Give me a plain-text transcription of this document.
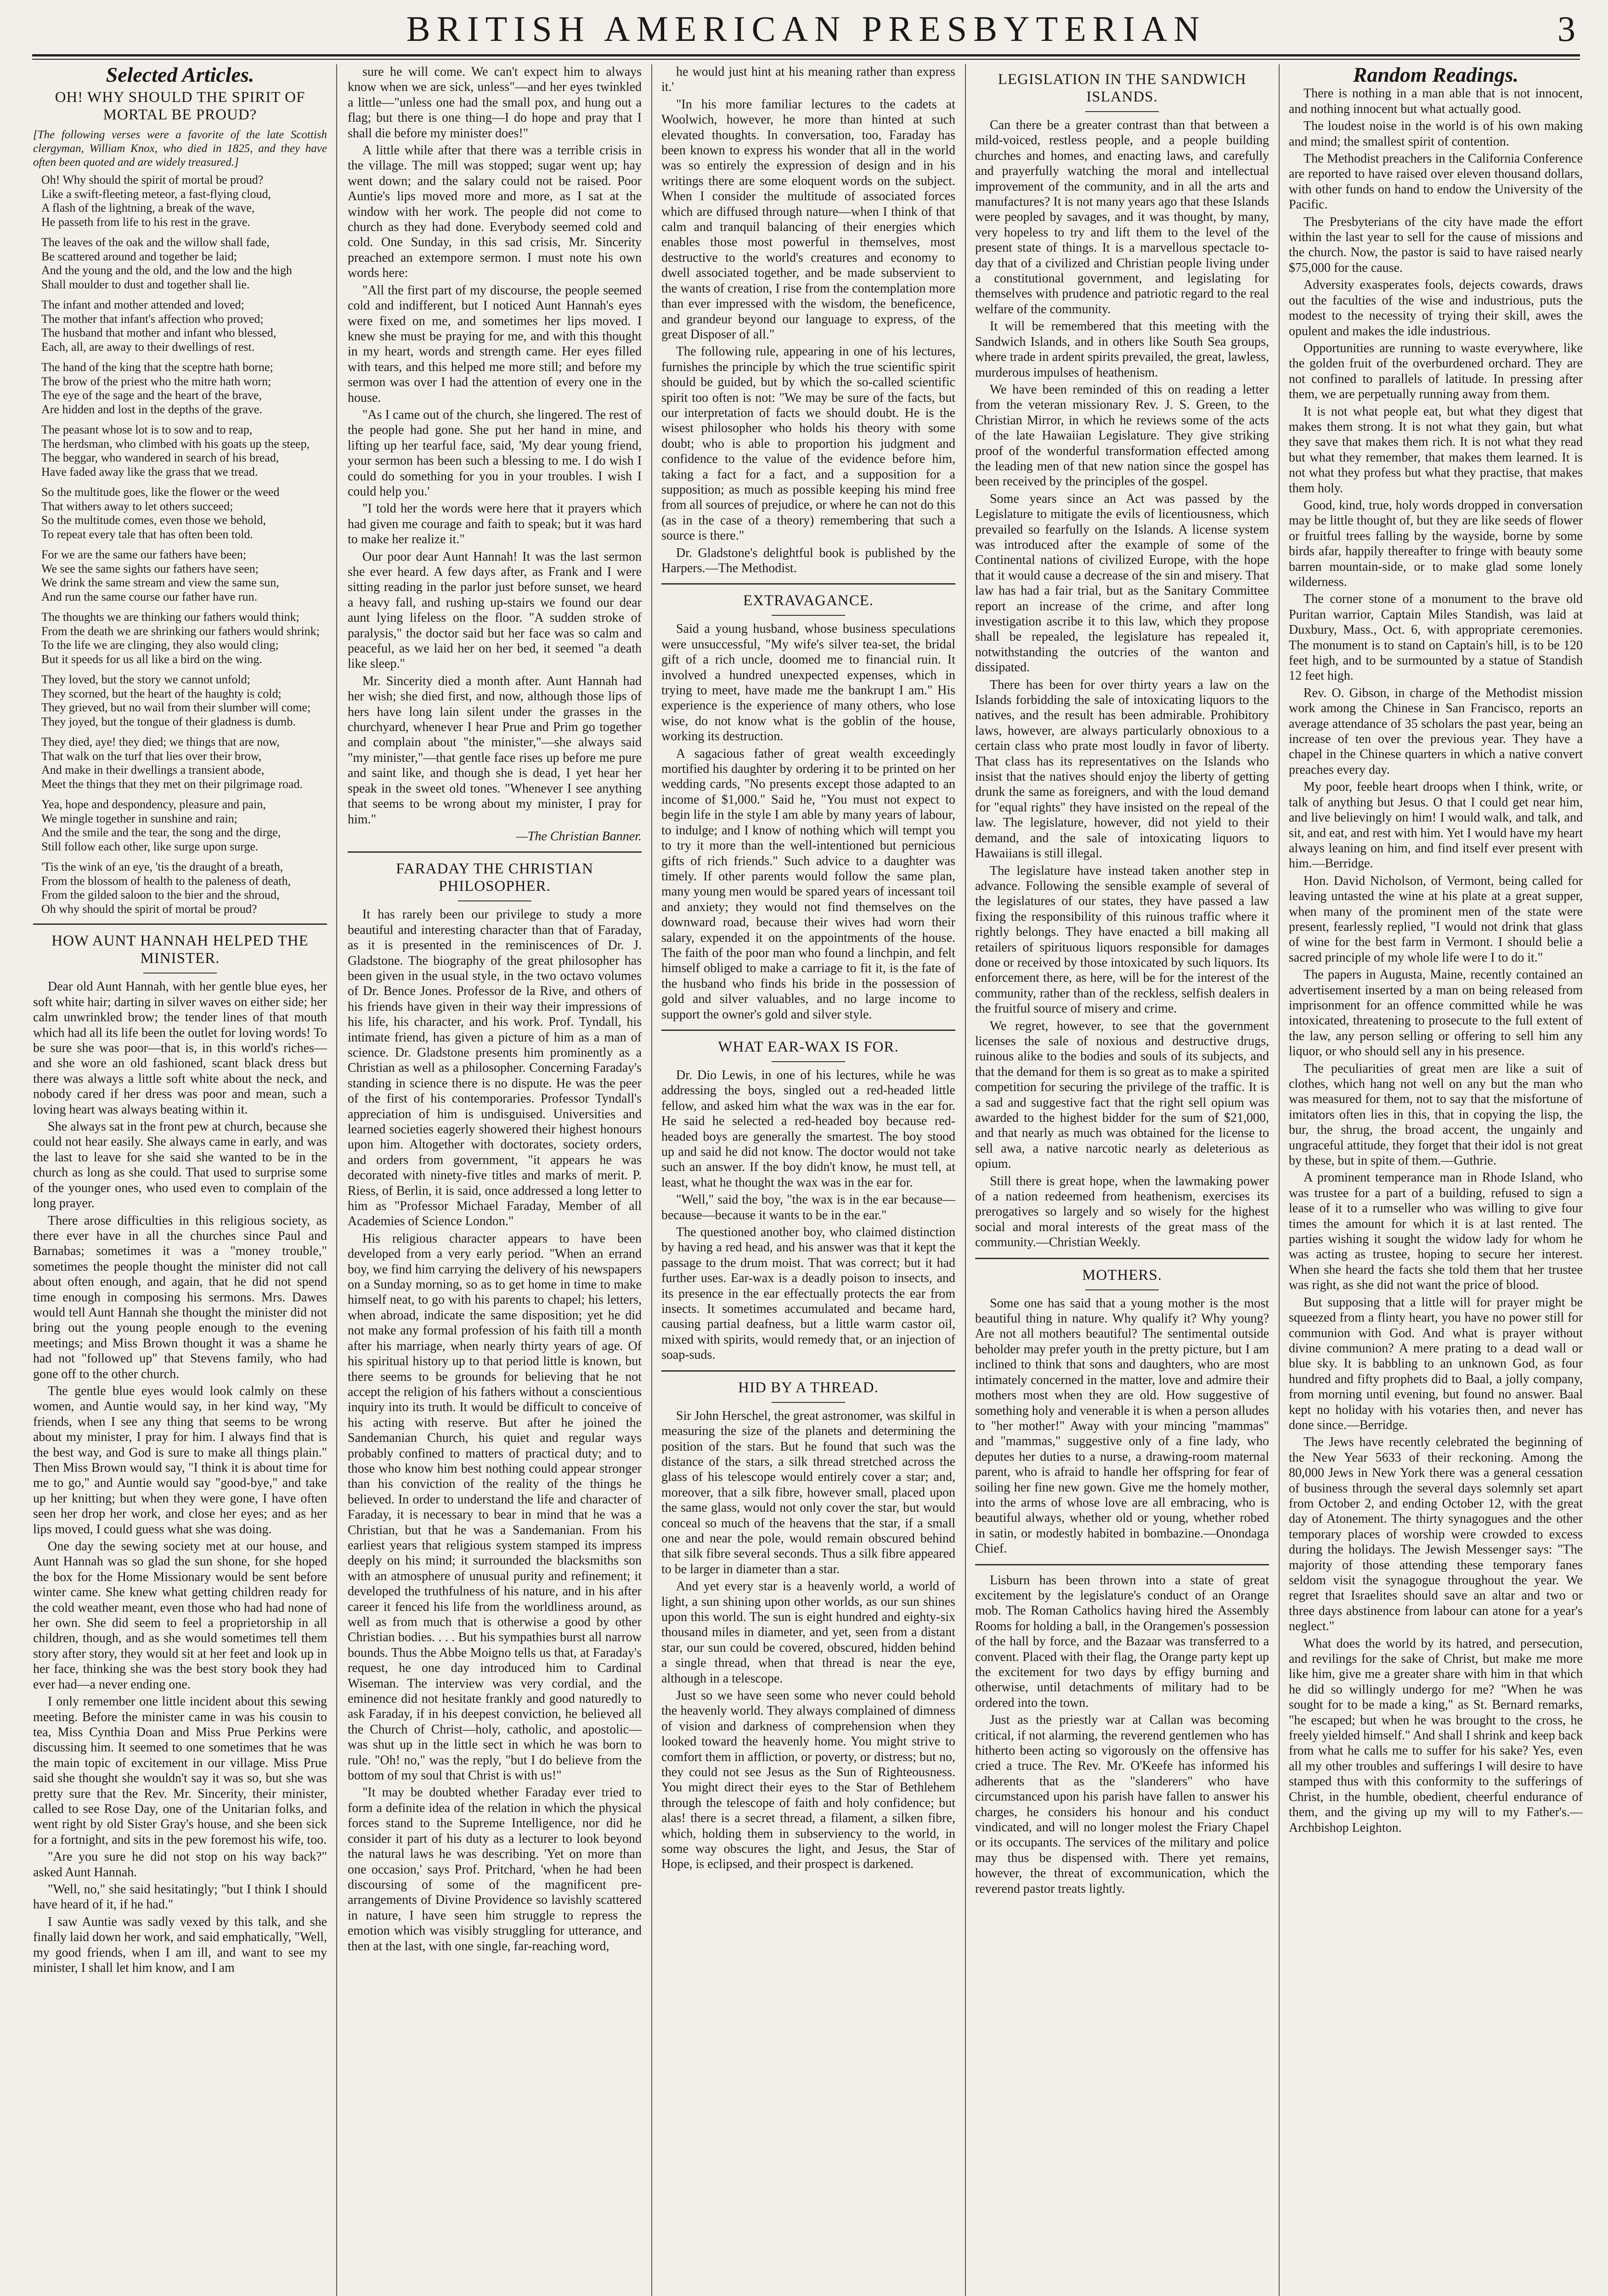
BRITISH AMERICAN PRESBYTERIAN	3
Selected Articles.
OH! WHY SHOULD THE SPIRIT OF MORTAL BE PROUD?

[The following verses were a favorite of the late Scottish clergyman, William Knox, who died in 1825, and they have often been quoted and are widely treasured.]

Oh! Why should the spirit of mortal be proud?
Like a swift-fleeting meteor, a fast-flying cloud,
A flash of the lightning, a break of the wave,
He passeth from life to his rest in the grave.
The leaves of the oak and the willow shall fade,
Be scattered around and together be laid;
And the young and the old, and the low and the high
Shall moulder to dust and together shall lie.
The infant and mother attended and loved;
The mother that infant's affection who proved;
The husband that mother and infant who blessed,
Each, all, are away to their dwellings of rest.
The hand of the king that the sceptre hath borne;
The brow of the priest who the mitre hath worn;
The eye of the sage and the heart of the brave,
Are hidden and lost in the depths of the grave.
The peasant whose lot is to sow and to reap,
The herdsman, who climbed with his goats up the steep,
The beggar, who wandered in search of his bread,
Have faded away like the grass that we tread.
So the multitude goes, like the flower or the weed
That withers away to let others succeed;
So the multitude comes, even those we behold,
To repeat every tale that has often been told.
For we are the same our fathers have been;
We see the same sights our fathers have seen;
We drink the same stream and view the same sun,
And run the same course our father have run.
The thoughts we are thinking our fathers would think;
From the death we are shrinking our fathers would shrink;
To the life we are clinging, they also would cling;
But it speeds for us all like a bird on the wing.
They loved, but the story we cannot unfold;
They scorned, but the heart of the haughty is cold;
They grieved, but no wail from their slumber will come;
They joyed, but the tongue of their gladness is dumb.
They died, aye! they died; we things that are now,
That walk on the turf that lies over their brow,
And make in their dwellings a transient abode,
Meet the things that they met on their pilgrimage road.
Yea, hope and despondency, pleasure and pain,
We mingle together in sunshine and rain;
And the smile and the tear, the song and the dirge,
Still follow each other, like surge upon surge.
'Tis the wink of an eye, 'tis the draught of a breath,
From the blossom of health to the paleness of death,
From the gilded saloon to the bier and the shroud,
Oh why should the spirit of mortal be proud?
HOW AUNT HANNAH HELPED THE MINISTER.

Dear old Aunt Hannah, with her gentle blue eyes, her soft white hair; darting in silver waves on either side; her calm unwrinkled brow; the tender lines of that mouth which had all its life been the outlet for loving words! To be sure she was poor—that is, in this world's riches—and she wore an old fashioned, scant black dress but there was always a little soft white about the neck, and nobody cared if her dress was poor and mean, such a loving heart was always beating within it.

She always sat in the front pew at church, because she could not hear easily. She always came in early, and was the last to leave for she said she wanted to be in the church as long as she could. That used to surprise some of the younger ones, who used even to complain of the long prayer.

There arose difficulties in this religious society, as there ever have in all the churches since Paul and Barnabas; sometimes it was a "money trouble," sometimes the people thought the minister did not call about often enough, and again, that he did not spend time enough in composing his sermons. Mrs. Dawes would tell Aunt Hannah she thought the minister did not bring out the young people enough to the evening meetings; and Miss Brown thought it was a shame he had not "followed up" that Stevens family, who had gone off to the other church.

The gentle blue eyes would look calmly on these women, and Auntie would say, in her kind way, "My friends, when I see any thing that seems to be wrong about my minister, I pray for him. I always find that is the best way, and God is sure to make all things plain." Then Miss Brown would say, "I think it is about time for me to go," and Auntie would say "good-bye," and take up her knitting; but when they were gone, I have often seen her drop her work, and close her eyes; and as her lips moved, I could guess what she was doing.

One day the sewing society met at our house, and Aunt Hannah was so glad the sun shone, for she hoped the box for the Home Missionary would be sent before winter came. She knew what getting children ready for the cold weather meant, even those who had had none of her own. She did seem to feel a proprietorship in all children, though, and as she would sometimes tell them story after story, they would sit at her feet and look up in her face, thinking she was the best story book they had ever had—a never ending one.

I only remember one little incident about this sewing meeting. Before the minister came in was his cousin to tea, Miss Cynthia Doan and Miss Prue Perkins were discussing him. It seemed to one sometimes that he was the main topic of excitement in our village. Miss Prue said she thought she wouldn't say it was so, but she was pretty sure that the Rev. Mr. Sincerity, their minister, called to see Rose Day, one of the Unitarian folks, and went right by old Sister Gray's house, and she been sick for a fortnight, and sits in the pew foremost his wife, too.

"Are you sure he did not stop on his way back?" asked Aunt Hannah.

"Well, no," she said hesitatingly; "but I think I should have heard of it, if he had."

I saw Auntie was sadly vexed by this talk, and she finally laid down her work, and said emphatically, "Well, my good friends, when I am ill, and want to see my minister, I shall let him know, and I am

sure he will come. We can't expect him to always know when we are sick, unless"—and her eyes twinkled a little—"unless one had the small pox, and hung out a flag; but there is one thing—I do hope and pray that I shall die before my minister does!"

A little while after that there was a terrible crisis in the village. The mill was stopped; sugar went up; hay went down; and the salary could not be raised. Poor Auntie's lips moved more and more, as I sat at the window with her work. The people did not come to church as they had done. Everybody seemed cold and cold. One Sunday, in this sad crisis, Mr. Sincerity preached an extempore sermon. I must note his own words here:

"All the first part of my discourse, the people seemed cold and indifferent, but I noticed Aunt Hannah's eyes were fixed on me, and sometimes her lips moved. I knew she must be praying for me, and with this thought in my heart, words and strength came. Her eyes filled with tears, and this helped me more still; and before my sermon was over I had the attention of every one in the house.

"As I came out of the church, she lingered. The rest of the people had gone. She put her hand in mine, and lifting up her tearful face, said, 'My dear young friend, your sermon has been such a blessing to me. I do wish I could do something for you in your troubles. I wish I could help you.'

"I told her the words were here that it prayers which had given me courage and faith to speak; but it was hard to make her realize it."

Our poor dear Aunt Hannah! It was the last sermon she ever heard. A few days after, as Frank and I were sitting reading in the parlor just before sunset, we heard a heavy fall, and rushing up-stairs we found our dear aunt lying lifeless on the floor. "A sudden stroke of paralysis," the doctor said but her face was so calm and peaceful, as we laid her on her bed, it seemed "a death like sleep."

Mr. Sincerity died a month after. Aunt Hannah had her wish; she died first, and now, although those lips of hers have long lain silent under the grasses in the churchyard, whenever I hear Prue and Prim go together and complain about "the minister,"—she always said "my minister,"—that gentle face rises up before me pure and saint like, and though she is dead, I yet hear her speak in the sweet old tones. "Whenever I see anything that seems to be wrong about my minister, I pray for him."

—The Christian Banner.

FARADAY THE CHRISTIAN PHILOSOPHER.

It has rarely been our privilege to study a more beautiful and interesting character than that of Faraday, as it is presented in the reminiscences of Dr. J. Gladstone. The biography of the great philosopher has been given in the usual style, in the two octavo volumes of Dr. Bence Jones. Professor de la Rive, and others of his friends have given in their way their impressions of his life, his character, and his work. Prof. Tyndall, his intimate friend, has given a picture of him as a man of science. Dr. Gladstone presents him prominently as a Christian as well as a philosopher. Concerning Faraday's standing in science there is no dispute. He was the peer of the first of his contemporaries. Professor Tyndall's appreciation of him is undisguised. Universities and learned societies eagerly showered their highest honours upon him. Altogether with doctorates, society orders, and orders from government, "it appears he was decorated with ninety-five titles and marks of merit. P. Riess, of Berlin, it is said, once addressed a long letter to him as "Professor Michael Faraday, Member of all Academies of Science London."

His religious character appears to have been developed from a very early period. "When an errand boy, we find him carrying the delivery of his newspapers on a Sunday morning, so as to get home in time to make himself neat, to go with his parents to chapel; his letters, when abroad, indicate the same disposition; yet he did not make any formal profession of his faith till a month after his marriage, when nearly thirty years of age. Of his spiritual history up to that period little is known, but there seems to be grounds for believing that he not accept the religion of his fathers without a conscientious inquiry into its truth. It would be difficult to conceive of his acting with reserve. But after he joined the Sandemanian Church, his quiet and regular ways probably confined to matters of practical duty; and to those who know him best nothing could appear stronger than his conviction of the reality of the things he believed. In order to understand the life and character of Faraday, it is necessary to bear in mind that he was a Christian, but that he was a Sandemanian. From his earliest years that religious system stamped its impress deeply on his mind; it surrounded the blacksmiths son with an atmosphere of unusual purity and refinement; it developed the truthfulness of his nature, and in his after career it fenced his life from the worldliness around, as well as from much that is otherwise a good by other Christian bodies. . . . But his sympathies burst all narrow bounds. Thus the Abbe Moigno tells us that, at Faraday's request, he one day introduced him to Cardinal Wiseman. The interview was very cordial, and the eminence did not hesitate frankly and good naturedly to ask Faraday, if in his deepest conviction, he believed all the Church of Christ—holy, catholic, and apostolic—was shut up in the little sect in which he was born to rule. "Oh! no," was the reply, "but I do believe from the bottom of my soul that Christ is with us!"

"It may be doubted whether Faraday ever tried to form a definite idea of the relation in which the physical forces stand to the Supreme Intelligence, nor did he consider it part of his duty as a lecturer to look beyond the natural laws he was describing. 'Yet on more than one occasion,' says Prof. Pritchard, 'when he had been discoursing of some of the magnificent pre-arrangements of Divine Providence so lavishly scattered in nature, I have seen him struggle to repress the emotion which was visibly struggling for utterance, and then at the last, with one single, far-reaching word,

he would just hint at his meaning rather than express it.'

"In his more familiar lectures to the cadets at Woolwich, however, he more than hinted at such elevated thoughts. In conversation, too, Faraday has been known to express his wonder that all in the world was so entirely the expression of design and in his writings there are some eloquent words on the subject. When I consider the multitude of associated forces which are diffused through nature—when I think of that calm and tranquil balancing of their energies which enables those most powerful in themselves, most destructive to the world's creatures and economy to dwell associated together, and be made subservient to the wants of creation, I rise from the contemplation more than ever impressed with the wisdom, the beneficence, and grandeur beyond our language to express, of the great Disposer of all."

The following rule, appearing in one of his lectures, furnishes the principle by which the true scientific spirit should be guided, but by which the so-called scientific spirit too often is not: "We may be sure of the facts, but our interpretation of facts we should doubt. He is the wisest philosopher who holds his theory with some doubt; who is able to proportion his judgment and confidence to the value of the evidence before him, taking a fact for a fact, and a supposition for a supposition; as much as possible keeping his mind free from all sources of prejudice, or where he can not do this (as in the case of a theory) remembering that such a source is there."

Dr. Gladstone's delightful book is published by the Harpers.—The Methodist.

EXTRAVAGANCE.

Said a young husband, whose business speculations were unsuccessful, "My wife's silver tea-set, the bridal gift of a rich uncle, doomed me to financial ruin. It involved a hundred unexpected expenses, which in trying to meet, have made me the bankrupt I am." His experience is the experience of many others, who lose wise, do not know what is the goblin of the house, working its destruction.

A sagacious father of great wealth exceedingly mortified his daughter by ordering it to be printed on her wedding cards, "No presents except those adapted to an income of $1,000." Said he, "You must not expect to begin life in the style I am able by many years of labour, to indulge; and I know of nothing which will tempt you to try it more than the well-intentioned but pernicious gifts of rich friends." Such advice to a daughter was timely. If other parents would follow the same plan, many young men would be spared years of incessant toil and anxiety; they would not find themselves on the downward road, because their wives had worn their salary, expended it on the appointments of the house. The faith of the poor man who found a linchpin, and felt himself obliged to make a carriage to fit it, is the fate of the husband who finds his bride in the possession of gold and silver valuables, and no large income to support the owner's gold and silver style.

WHAT EAR-WAX IS FOR.

Dr. Dio Lewis, in one of his lectures, while he was addressing the boys, singled out a red-headed little fellow, and asked him what the wax was in the ear for. He said he selected a red-headed boy because red-headed boys are generally the smartest. The boy stood up and said he did not know. The doctor would not take such an answer. If the boy didn't know, he must tell, at least, what he thought the wax was in the ear for.

"Well," said the boy, "the wax is in the ear because—because—because it wants to be in the ear."

The questioned another boy, who claimed distinction by having a red head, and his answer was that it kept the passage to the drum moist. That was correct; but it had further uses. Ear-wax is a deadly poison to insects, and its presence in the ear effectually protects the ear from insects. It sometimes accumulated and became hard, causing partial deafness, but a little warm castor oil, mixed with spirits, would remedy that, or an injection of soap-suds.

HID BY A THREAD.

Sir John Herschel, the great astronomer, was skilful in measuring the size of the planets and determining the position of the stars. But he found that such was the distance of the stars, a silk thread stretched across the glass of his telescope would entirely cover a star; and, moreover, that a silk fibre, however small, placed upon the same glass, would not only cover the star, but would conceal so much of the heavens that the star, if a small one and near the pole, would remain obscured behind that silk fibre several seconds. Thus a silk fibre appeared to be larger in diameter than a star.

And yet every star is a heavenly world, a world of light, a sun shining upon other worlds, as our sun shines upon this world. The sun is eight hundred and eighty-six thousand miles in diameter, and yet, seen from a distant star, our sun could be covered, obscured, hidden behind a single thread, when that thread is near the eye, although in a telescope.

Just so we have seen some who never could behold the heavenly world. They always complained of dimness of vision and darkness of comprehension when they looked toward the heavenly home. You might strive to comfort them in affliction, or poverty, or distress; but no, they could not see Jesus as the Sun of Righteousness. You might direct their eyes to the Star of Bethlehem through the telescope of faith and holy confidence; but alas! there is a secret thread, a filament, a silken fibre, which, holding them in subserviency to the world, in some way obscures the light, and Jesus, the Star of Hope, is eclipsed, and their prospect is darkened.

LEGISLATION IN THE SANDWICH ISLANDS.

Can there be a greater contrast than that between a mild-voiced, restless people, and a people building churches and homes, and enacting laws, and carefully and prayerfully watching the moral and intellectual improvement of the community, and in all the arts and manufactures? It is not many years ago that these Islands were peopled by savages, and it was thought, by many, very hopeless to try and lift them to the level of the present state of things. It is a marvellous spectacle to-day that of a civilized and Christian people living under a constitutional government, and legislating for themselves with prudence and patriotic regard to the real welfare of the community.

It will be remembered that this meeting with the Sandwich Islands, and in others like South Sea groups, where trade in ardent spirits prevailed, the great, lawless, murderous impulses of heathenism.

We have been reminded of this on reading a letter from the veteran missionary Rev. J. S. Green, to the Christian Mirror, in which he reviews some of the acts of the late Hawaiian Legislature. They give striking proof of the wonderful transformation effected among the leading men of that new nation since the gospel has been received by the principles of the gospel.

Some years since an Act was passed by the Legislature to mitigate the evils of licentiousness, which prevailed so fearfully on the Islands. A license system was introduced after the example of some of the Continental nations of civilized Europe, with the hope that it would cause a decrease of the sin and misery. That law has had a fair trial, but as the Sanitary Committee report an increase of the crime, and after long investigation ascribe it to this law, which they propose shall be repealed, the legislature has repealed it, notwithstanding the outcries of the wanton and dissipated.

There has been for over thirty years a law on the Islands forbidding the sale of intoxicating liquors to the natives, and the result has been admirable. Prohibitory laws, however, are always particularly obnoxious to a certain class who prate most loudly in favor of liberty. That class has its representatives on the Islands who insist that the natives should enjoy the liberty of getting drunk the same as foreigners, and with the loud demand for "equal rights" they have insisted on the repeal of the law. The legislature, however, did not yield to their demand, and the sale of intoxicating liquors to Hawaiians is still illegal.

The legislature have instead taken another step in advance. Following the sensible example of several of the legislatures of our states, they have passed a law fixing the responsibility of this ruinous traffic where it rightly belongs. They have enacted a bill making all retailers of spirituous liquors responsible for damages done or received by those intoxicated by such liquors. Its enforcement there, as here, will be for the interest of the community, rather than of the reckless, selfish dealers in the fruitful source of misery and crime.

We regret, however, to see that the government licenses the sale of noxious and destructive drugs, ruinous alike to the bodies and souls of its subjects, and that the demand for them is so great as to make a spirited competition for securing the privilege of the traffic. It is a sad and suggestive fact that the right sell opium was awarded to the highest bidder for the sum of $21,000, and that nearly as much was obtained for the license to sell awa, a native narcotic nearly as deleterious as opium.

Still there is great hope, when the lawmaking power of a nation redeemed from heathenism, exercises its prerogatives so largely and so wisely for the highest social and moral interests of the great mass of the community.—Christian Weekly.

MOTHERS.

Some one has said that a young mother is the most beautiful thing in nature. Why qualify it? Why young? Are not all mothers beautiful? The sentimental outside beholder may prefer youth in the pretty picture, but I am inclined to think that sons and daughters, who are most intimately concerned in the matter, love and admire their mothers most when they are old. How suggestive of something holy and venerable it is when a person alludes to "her mother!" Away with your mincing "mammas" and "mammas," suggestive only of a fine lady, who deputes her duties to a nurse, a drawing-room maternal parent, who is afraid to handle her offspring for fear of soiling her fine new gown. Give me the homely mother, into the arms of whose love are all embracing, who is beautiful always, whether old or young, whether robed in satin, or modestly habited in bombazine.—Onondaga Chief.

Lisburn has been thrown into a state of great excitement by the legislature's conduct of an Orange mob. The Roman Catholics having hired the Assembly Rooms for holding a ball, in the Orangemen's possession of the hall by force, and the Bazaar was transferred to a convent. Placed with their flag, the Orange party kept up the excitement for two days by effigy burning and otherwise, until detachments of military had to be ordered into the town.

Just as the priestly war at Callan was becoming critical, if not alarming, the reverend gentlemen who has hitherto been acting so vigorously on the offensive has cried a truce. The Rev. Mr. O'Keefe has informed his adherents that as the "slanderers" who have circumstanced upon his parish have fallen to answer his charges, he considers his honour and his conduct vindicated, and will no longer molest the Friary Chapel or its occupants. The services of the military and police may thus be dispensed with. There yet remains, however, the threat of excommunication, which the reverend pastor treats lightly.

Random Readings.

There is nothing in a man able that is not innocent, and nothing innocent but what actually good.

The loudest noise in the world is of his own making and mind; the smallest spirit of contention.

The Methodist preachers in the California Conference are reported to have raised over eleven thousand dollars, with other funds on hand to endow the University of the Pacific.

The Presbyterians of the city have made the effort within the last year to sell for the cause of missions and the church. Now, the pastor is said to have raised nearly $75,000 for the cause.

Adversity exasperates fools, dejects cowards, draws out the faculties of the wise and industrious, puts the modest to the necessity of trying their skill, awes the opulent and makes the idle industrious.

Opportunities are running to waste everywhere, like the golden fruit of the overburdened orchard. They are not confined to parallels of latitude. In pressing after them, we are perpetually running away from them.

It is not what people eat, but what they digest that makes them strong. It is not what they gain, but what they save that makes them rich. It is not what they read but what they remember, that makes them learned. It is not what they profess but what they practise, that makes them holy.

Good, kind, true, holy words dropped in conversation may be little thought of, but they are like seeds of flower or fruitful trees falling by the wayside, borne by some birds afar, happily thereafter to fringe with beauty some barren mountain-side, or to make glad some lonely wilderness.

The corner stone of a monument to the brave old Puritan warrior, Captain Miles Standish, was laid at Duxbury, Mass., Oct. 6, with appropriate ceremonies. The monument is to stand on Captain's hill, is to be 120 feet high, and to be surmounted by a statue of Standish 12 feet high.

Rev. O. Gibson, in charge of the Methodist mission work among the Chinese in San Francisco, reports an average attendance of 35 scholars the past year, being an increase of ten over the previous year. They have a chapel in the Chinese quarters in which a native convert preaches every day.

My poor, feeble heart droops when I think, write, or talk of anything but Jesus. O that I could get near him, and live believingly on him! I would walk, and talk, and sit, and eat, and rest with him. Yet I would have my heart always leaning on him, and find itself ever present with him.—Berridge.

Hon. David Nicholson, of Vermont, being called for leaving untasted the wine at his plate at a great supper, when many of the prominent men of the state were present, fearlessly replied, "I would not drink that glass of wine for the best farm in Vermont. I should belie a sacred principle of my whole life were I to do it."

The papers in Augusta, Maine, recently contained an advertisement inserted by a man on being released from imprisonment for an offence committed while he was intoxicated, threatening to prosecute to the full extent of the law, any person selling or offering to sell him any liquor, or who should sell any in his presence.

The peculiarities of great men are like a suit of clothes, which hang not well on any but the man who was measured for them, not to say that the misfortune of imitators often lies in this, that in copying the lisp, the bur, the shrug, the broad accent, the ungainly and ungraceful attitude, they forget that their idol is not great by these, but in spite of them.—Guthrie.

A prominent temperance man in Rhode Island, who was trustee for a part of a building, refused to sign a lease of it to a rumseller who was willing to give four times the amount for which it is at last rented. The parties wishing it sought the widow lady for whom he was acting as trustee, hoping to secure her interest. When she heard the facts she told them that her trustee was right, as she did not want the price of blood.

But supposing that a little will for prayer might be squeezed from a flinty heart, you have no power still for communion with God. And what is prayer without divine communion? A mere prating to a dead wall or blue sky. It is babbling to an unknown God, as four hundred and fifty prophets did to Baal, a jolly company, from morning until evening, but found no answer. Baal kept no holiday with his votaries then, and never has done since.—Berridge.

The Jews have recently celebrated the beginning of the New Year 5633 of their reckoning. Among the 80,000 Jews in New York there was a general cessation of business through the several days solemnly set apart from October 2, and ending October 12, with the great day of Atonement. The thirty synagogues and the other temporary places of worship were crowded to excess during the holidays. The Jewish Messenger says: "The majority of those attending these temporary fanes seldom visit the synagogue throughout the year. We regret that Israelites should save an altar and two or three days abstinence from labour can atone for a year's neglect."

What does the world by its hatred, and persecution, and revilings for the sake of Christ, but make me more like him, give me a greater share with him in that which he did so willingly undergo for me? "When he was sought for to be made a king," as St. Bernard remarks, "he escaped; but when he was brought to the cross, he freely yielded himself." And shall I shrink and keep back from what he calls me to suffer for his sake? Yes, even all my other troubles and sufferings I will desire to have stamped thus with this conformity to the sufferings of Christ, in the humble, obedient, cheerful endurance of them, and the giving up my will to my Father's.—Archbishop Leighton.
